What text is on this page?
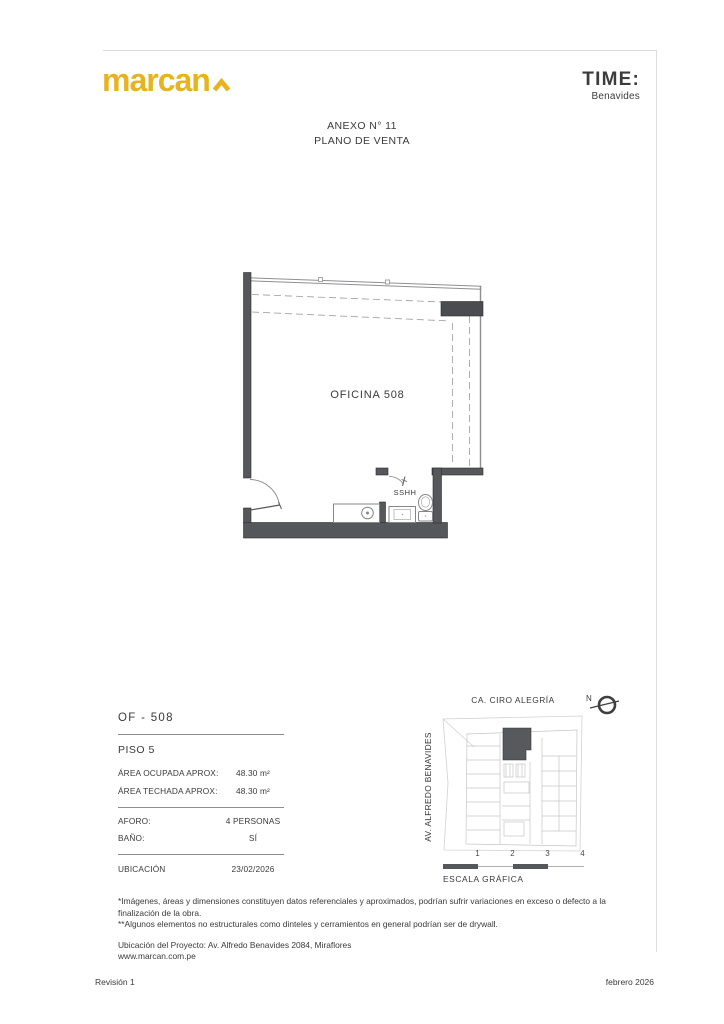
marcan	TIME:
Benavides
ANEXO N° 11
PLANO DE VENTA
OFICINA 508
SSHH
OF - 508
PISO 5
ÁREA OCUPADA APROX:	48.30 m²
ÁREA TECHADA APROX:	48.30 m²
AFORO:	4 PERSONAS
BAÑO:	SÍ
UBICACIÓN	23/02/2026
CA. CIRO ALEGRÍA
AV. ALFREDO BENAVIDES
N
1	2	3	4
ESCALA GRÁFICA
*Imágenes, áreas y dimensiones constituyen datos referenciales y aproximados, podrían sufrir variaciones en exceso o defecto a la finalización de la obra.
**Algunos elementos no estructurales como dinteles y cerramientos en general podrían ser de drywall.
Ubicación del Proyecto: Av. Alfredo Benavides 2084, Miraflores
www.marcan.com.pe
Revisión 1	febrero 2026
